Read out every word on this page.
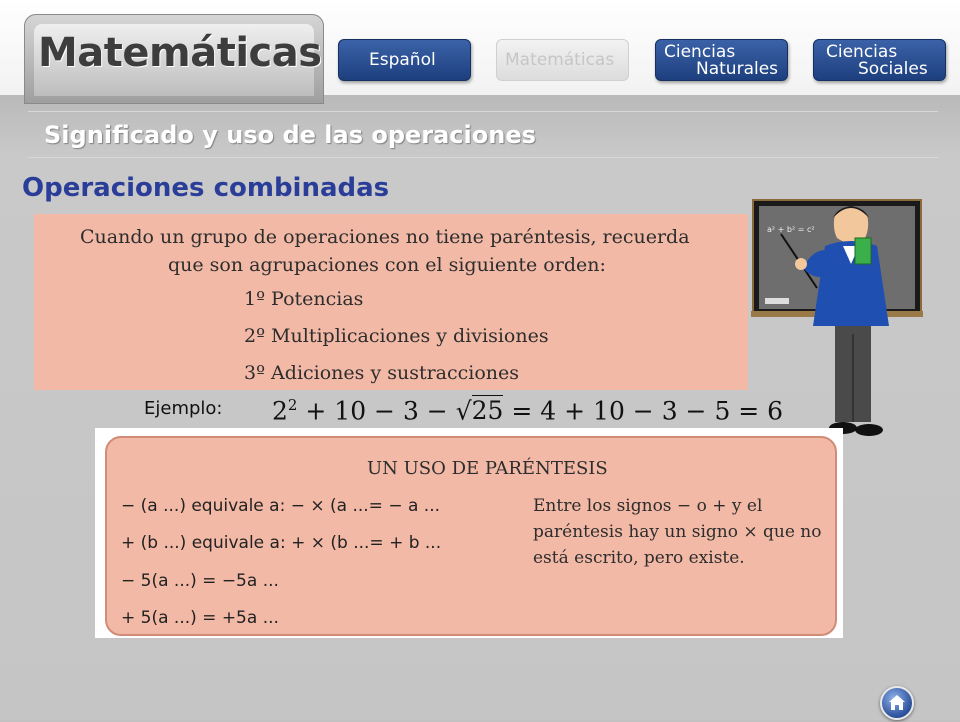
Matemáticas	Español	Matemáticas	Ciencias
Naturales
Ciencias
Sociales
Significado y uso de las operaciones
Operaciones combinadas
Cuando un grupo de operaciones no tiene paréntesis, recuerda
que son agrupaciones con el siguiente orden:
1º Potencias
2º Multiplicaciones y divisiones
3º Adiciones y sustracciones
Ejemplo: $2^2 + 10 - 3 - √25 = 4 + 10 - 3 - 5 = 6$
a² + b² = c²
UN USO DE PARÉNTESIS
− (a ...) equivale a: − × (a ...= − a ...
+ (b ...) equivale a: + × (b ...= + b ...
− 5(a ...) = −5a ...
+ 5(a ...) = +5a ...
Entre los signos − o + y el paréntesis hay un signo × que no está escrito, pero existe.
